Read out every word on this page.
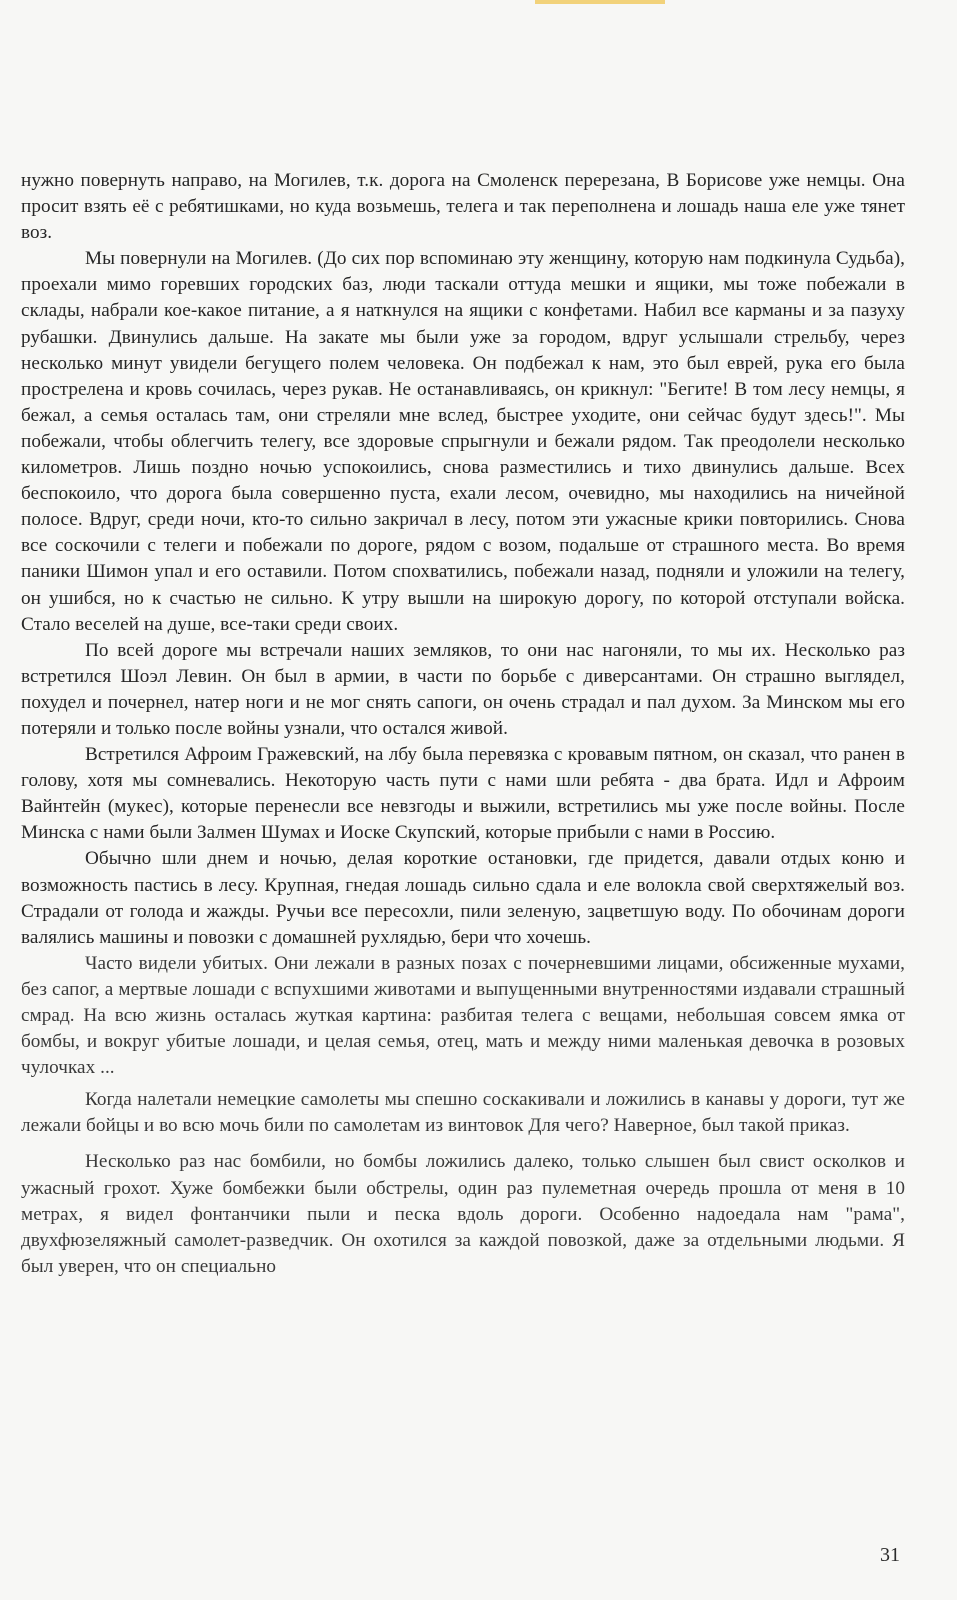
нужно повернуть направо, на Могилев, т.к. дорога на Смоленск перерезана, В Борисове уже немцы. Она просит взять её с ребятишками, но куда возьмешь, телега и так переполнена и лошадь наша еле уже тянет воз.

Мы повернули на Могилев. (До сих пор вспоминаю эту женщину, которую нам подкинула Судьба), проехали мимо горевших городских баз, люди таскали оттуда мешки и ящики, мы тоже побежали в склады, набрали кое-какое питание, а я наткнулся на ящики с конфетами. Набил все карманы и за пазуху рубашки. Двинулись дальше. На закате мы были уже за городом, вдруг услышали стрельбу, через несколько минут увидели бегущего полем человека. Он подбежал к нам, это был еврей, рука его была прострелена и кровь сочилась, через рукав. Не останавливаясь, он крикнул: "Бегите! В том лесу немцы, я бежал, а семья осталась там, они стреляли мне вслед, быстрее уходите, они сейчас будут здесь!". Мы побежали, чтобы облегчить телегу, все здоровые спрыгнули и бежали рядом. Так преодолели несколько километров. Лишь поздно ночью успокоились, снова разместились и тихо двинулись дальше. Всех беспокоило, что дорога была совершенно пуста, ехали лесом, очевидно, мы находились на ничейной полосе. Вдруг, среди ночи, кто-то сильно закричал в лесу, потом эти ужасные крики повторились. Снова все соскочили с телеги и побежали по дороге, рядом с возом, подальше от страшного места. Во время паники Шимон упал и его оставили. Потом спохватились, побежали назад, подняли и уложили на телегу, он ушибся, но к счастью не сильно. К утру вышли на широкую дорогу, по которой отступали войска. Стало веселей на душе, все-таки среди своих.

По всей дороге мы встречали наших земляков, то они нас нагоняли, то мы их. Несколько раз встретился Шоэл Левин. Он был в армии, в части по борьбе с диверсантами. Он страшно выглядел, похудел и почернел, натер ноги и не мог снять сапоги, он очень страдал и пал духом. За Минском мы его потеряли и только после войны узнали, что остался живой.

Встретился Афроим Гражевский, на лбу была перевязка с кровавым пятном, он сказал, что ранен в голову, хотя мы сомневались. Некоторую часть пути с нами шли ребята - два брата. Идл и Афроим Вайнтейн (мукес), которые перенесли все невзгоды и выжили, встретились мы уже после войны. После Минска с нами были Залмен Шумах и Иоске Скупский, которые прибыли с нами в Россию.

Обычно шли днем и ночью, делая короткие остановки, где придется, давали отдых коню и возможность пастись в лесу. Крупная, гнедая лошадь сильно сдала и еле волокла свой сверхтяжелый воз. Страдали от голода и жажды. Ручьи все пересохли, пили зеленую, зацветшую воду. По обочинам дороги валялись машины и повозки с домашней рухлядью, бери что хочешь.

Часто видели убитых. Они лежали в разных позах с почерневшими лицами, обсиженные мухами, без сапог, а мертвые лошади с вспухшими животами и выпущенными внутренностями издавали страшный смрад. На всю жизнь осталась жуткая картина: разбитая телега с вещами, небольшая совсем ямка от бомбы, и вокруг убитые лошади, и целая семья, отец, мать и между ними маленькая девочка в розовых чулочках ...

Когда налетали немецкие самолеты мы спешно соскакивали и ложились в канавы у дороги, тут же лежали бойцы и во всю мочь били по самолетам из винтовок Для чего? Наверное, был такой приказ.

Несколько раз нас бомбили, но бомбы ложились далеко, только слышен был свист осколков и ужасный грохот. Хуже бомбежки были обстрелы, один раз пулеметная очередь прошла от меня в 10 метрах, я видел фонтанчики пыли и песка вдоль дороги. Особенно надоедала нам "рама", двухфюзеляжный самолет-разведчик. Он охотился за каждой повозкой, даже за отдельными людьми. Я был уверен, что он специально

31
